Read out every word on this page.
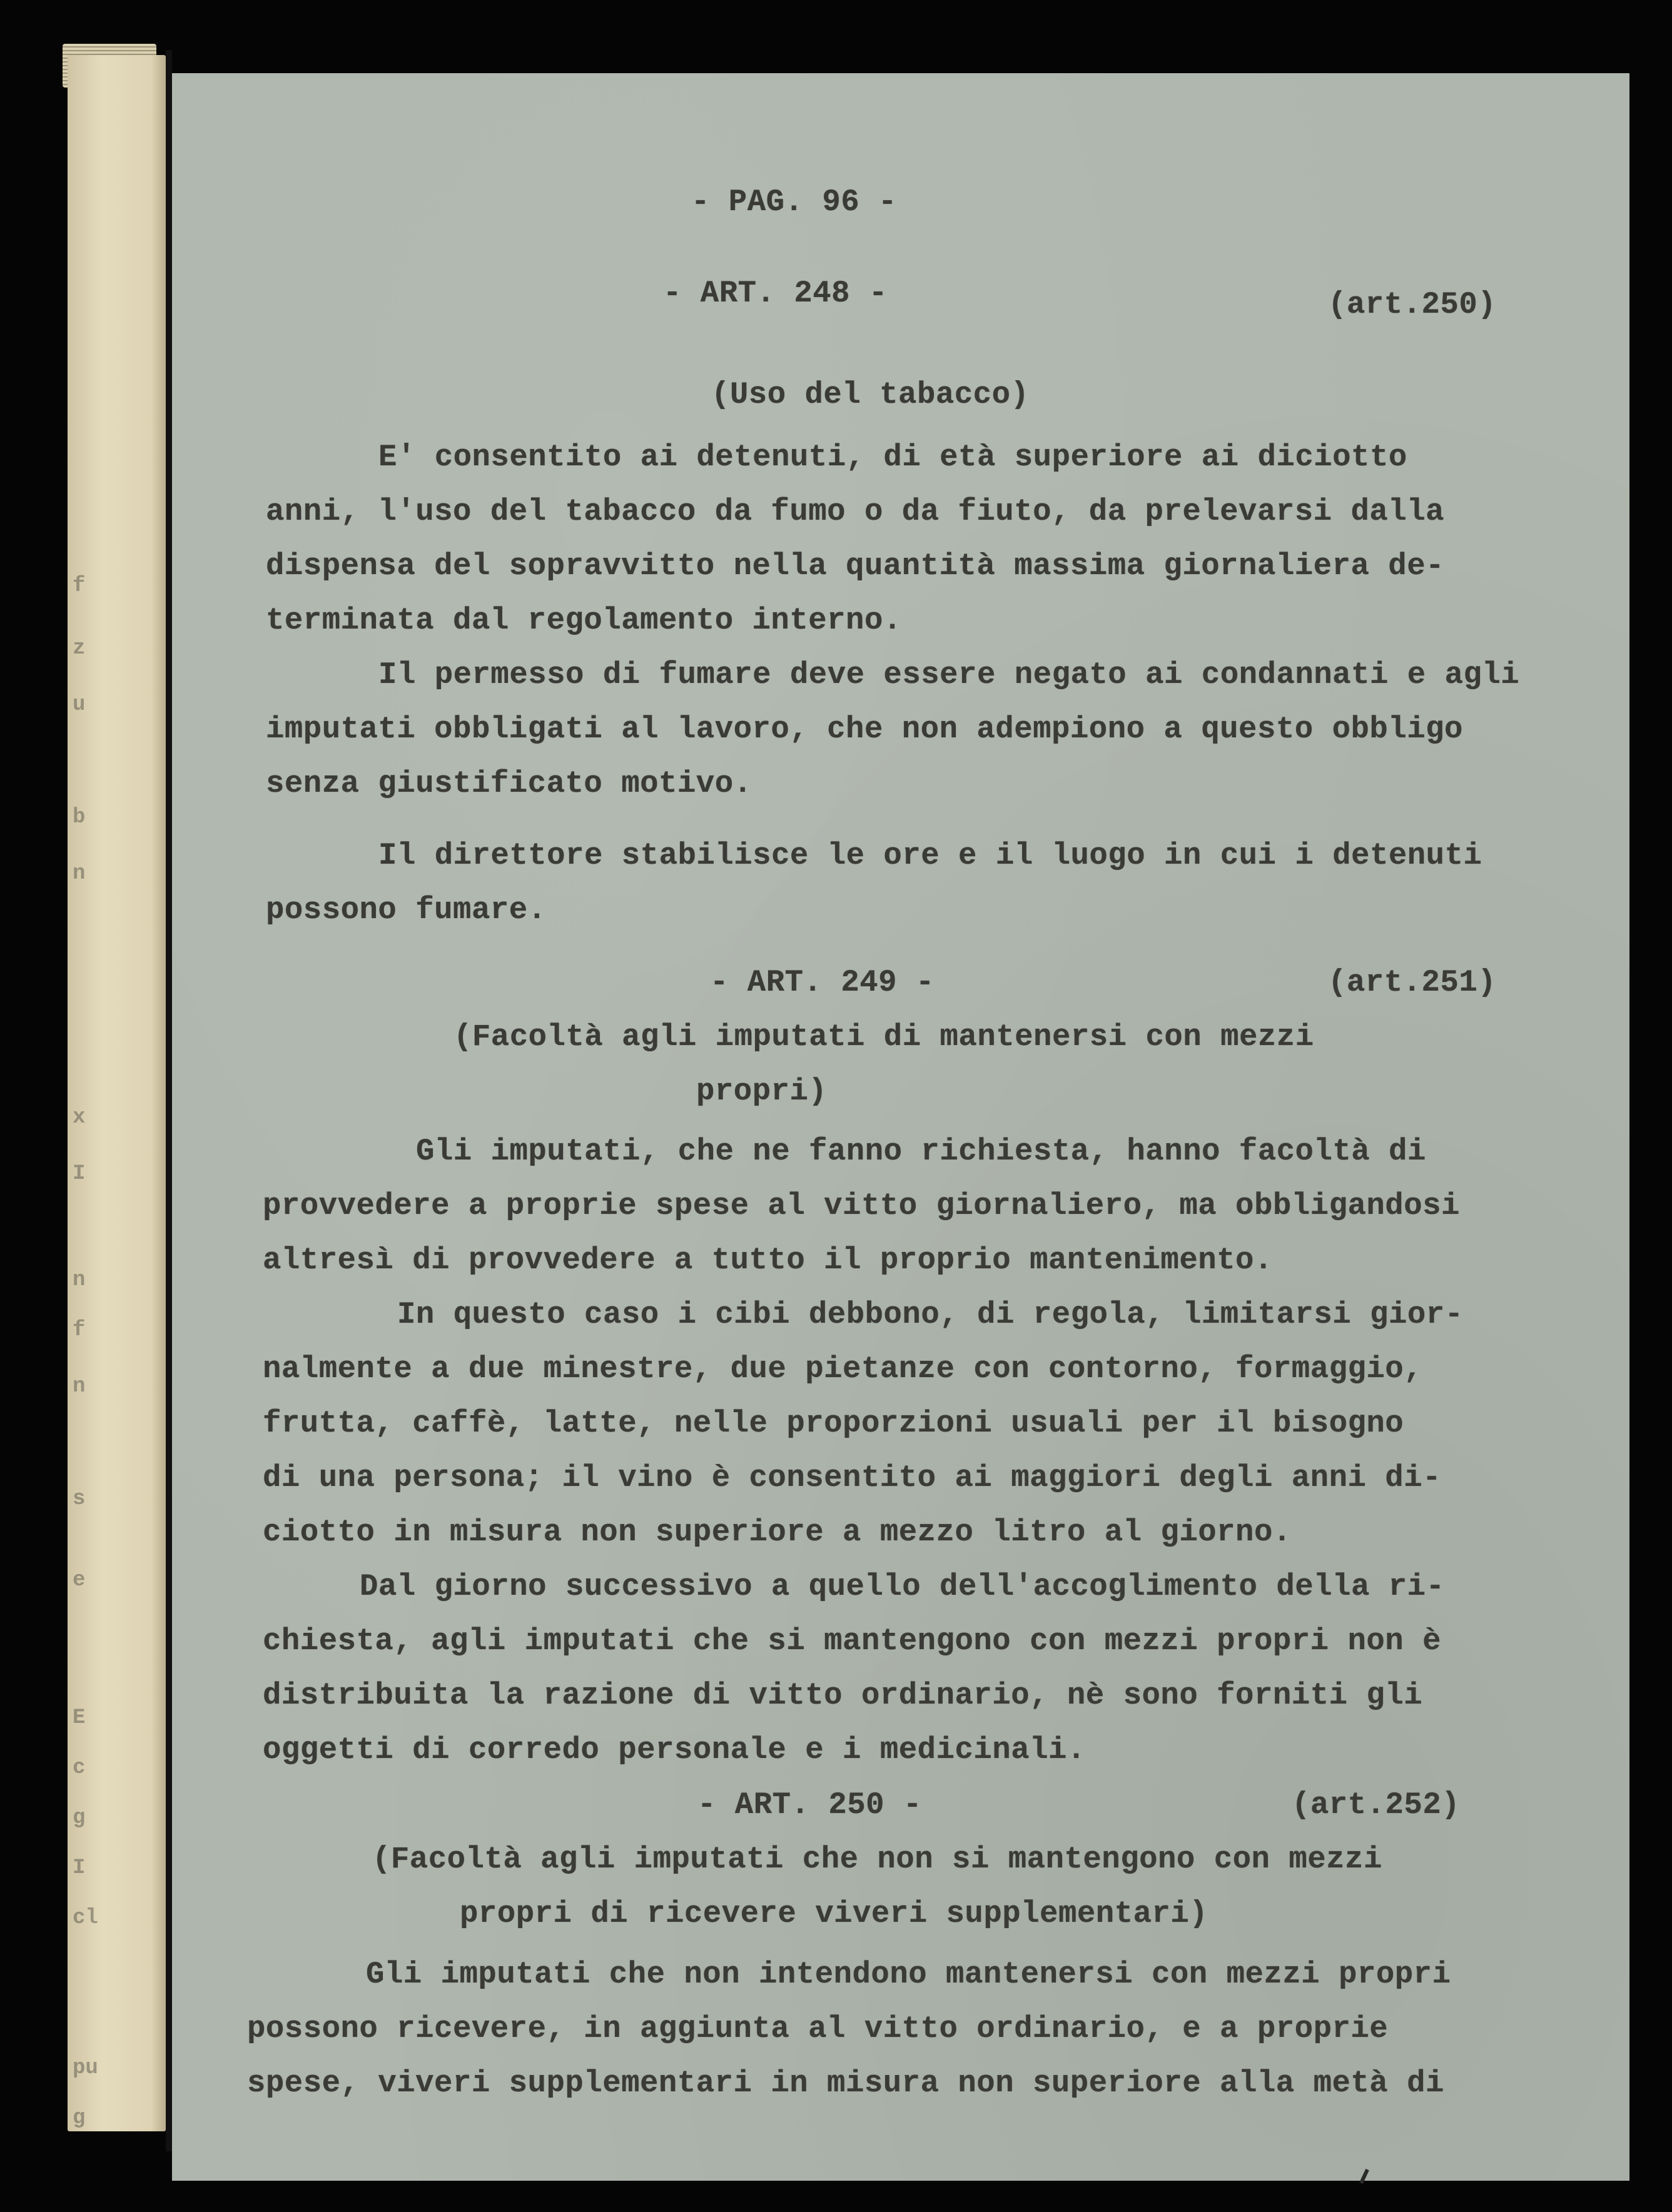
f
z
u
b
n
x
I
n
f
n
s
e
E
c
g
I
cl
pu
g

- PAG. 96 -

- ART. 248 -

	(art.250)

(Uso del tabacco)

E' consentito ai detenuti, di età superiore ai diciotto

anni, l'uso del tabacco da fumo o da fiuto, da prelevarsi dalla

dispensa del sopravvitto nella quantità massima giornaliera de-

terminata dal regolamento interno.

Il permesso di fumare deve essere negato ai condannati e agli

imputati obbligati al lavoro, che non adempiono a questo obbligo

senza giustificato motivo.

Il direttore stabilisce le ore e il luogo in cui i detenuti

possono fumare.

- ART. 249 -

	(art.251)

(Facoltà agli imputati di mantenersi con mezzi

propri)

Gli imputati, che ne fanno richiesta, hanno facoltà di

provvedere a proprie spese al vitto giornaliero, ma obbligandosi

altresì di provvedere a tutto il proprio mantenimento.

In questo caso i cibi debbono, di regola, limitarsi gior-

nalmente a due minestre, due pietanze con contorno, formaggio,

frutta, caffè, latte, nelle proporzioni usuali per il bisogno

di una persona; il vino è consentito ai maggiori degli anni di-

ciotto in misura non superiore a mezzo litro al giorno.

Dal giorno successivo a quello dell'accoglimento della ri-

chiesta, agli imputati che si mantengono con mezzi propri non è

distribuita la razione di vitto ordinario, nè sono forniti gli

oggetti di corredo personale e i medicinali.

- ART. 250 -

	(art.252)

(Facoltà agli imputati che non si mantengono con mezzi

propri di ricevere viveri supplementari)

Gli imputati che non intendono mantenersi con mezzi propri

possono ricevere, in aggiunta al vitto ordinario, e a proprie

spese, viveri supplementari in misura non superiore alla metà di
